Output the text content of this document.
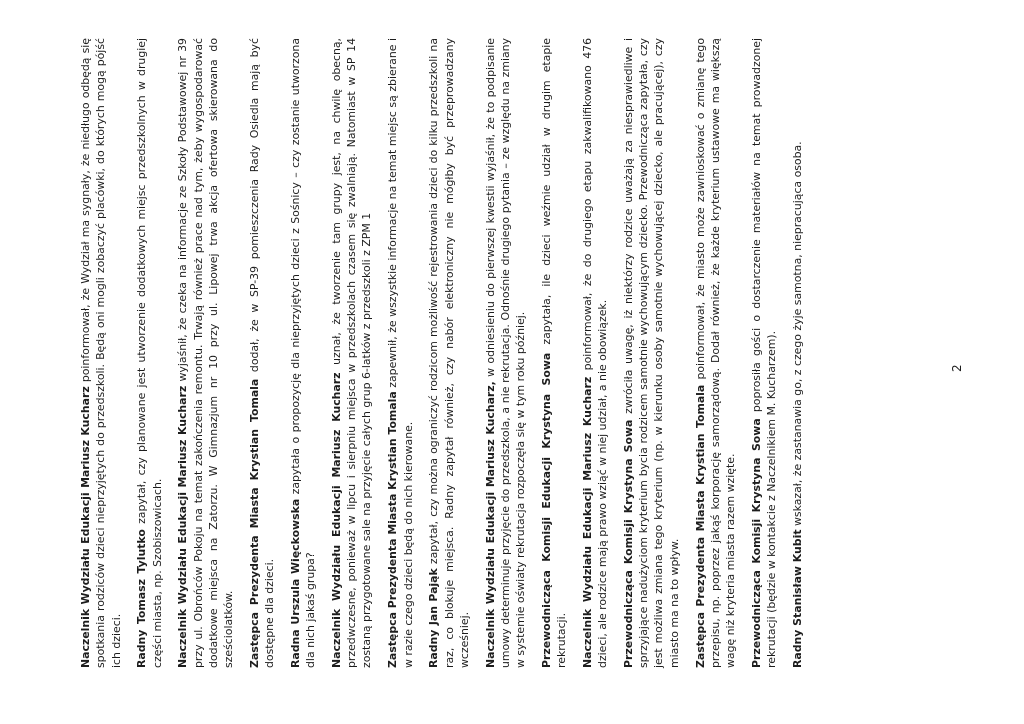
Naczelnik Wydziału Edukacji Mariusz Kucharz poinformował, że Wydział ma sygnały, że niedługo odbędą się spotkania rodziców dzieci nieprzyjętych do przedszkoli. Będą oni mogli zobaczyć placówki, do których mogą pójść ich dzieci. Radny Tomasz Tylutko zapytał, czy planowane jest utworzenie dodatkowych miejsc przedszkolnych w drugiej części miasta, np. Szobiszowicach. Naczelnik Wydziału Edukacji Mariusz Kucharz wyjaśnił, że czeka na informacje ze Szkoły Podstawowej nr 39 przy ul. Obrońców Pokoju na temat zakończenia remontu. Trwają również prace nad tym, żeby wygospodarować dodatkowe miejsca na Zatorzu. W Gimnazjum nr 10 przy ul. Lipowej trwa akcja ofertowa skierowana do sześciolatków. Zastępca Prezydenta Miasta Krystian Tomala dodał, że w SP-39 pomieszczenia Rady Osiedla mają być dostępne dla dzieci. Radna Urszula Więckowska zapytała o propozycję dla nieprzyjętych dzieci z Sośnicy – czy zostanie utworzona dla nich jakaś grupa? Naczelnik Wydziału Edukacji Mariusz Kucharz uznał, że tworzenie tam grupy jest, na chwilę obecną, przedwczesne, ponieważ w lipcu i sierpniu miejsca w przedszkolach czasem się zwalniają. Natomiast w SP 14 zostaną przygotowane sale na przyjęcie całych grup 6-latków z przedszkoli z ZPM 1 Zastępca Prezydenta Miasta Krystian Tomala zapewnił, że wszystkie informacje na temat miejsc są zbierane i w razie czego dzieci będą do nich kierowane. Radny Jan Pająk zapytał, czy można ograniczyć rodzicom możliwość rejestrowania dzieci do kilku przedszkoli na raz, co blokuje miejsca. Radny zapytał również, czy nabór elektroniczny nie mógłby być przeprowadzany wcześniej. Naczelnik Wydziału Edukacji Mariusz Kucharz, w odniesieniu do pierwszej kwestii wyjaśnił, że to podpisanie umowy determinuje przyjęcie do przedszkola, a nie rekrutacja. Odnośnie drugiego pytania – ze względu na zmiany w systemie oświaty rekrutacja rozpoczęła się w tym roku później. Przewodnicząca Komisji Edukacji Krystyna Sowa zapytała, ile dzieci weźmie udział w drugim etapie rekrutacji. Naczelnik Wydziału Edukacji Mariusz Kucharz poinformował, że do drugiego etapu zakwalifikowano 476 dzieci, ale rodzice mają prawo wziąć w niej udział, a nie obowiązek. Przewodnicząca Komisji Krystyna Sowa zwróciła uwagę, iż niektórzy rodzice uważają za niesprawiedliwe i sprzyjające nadużyciom kryterium bycia rodzicem samotnie wychowującym dziecko. Przewodnicząca zapytała, czy jest możliwa zmiana tego kryterium (np. w kierunku osoby samotnie wychowującej dziecko, ale pracującej), czy miasto ma na to wpływ. Zastępca Prezydenta Miasta Krystian Tomala poinformował, że miasto może zawnioskować o zmianę tego przepisu, np. poprzez jakąś korporację samorządową. Dodał również, że każde kryterium ustawowe ma większą wagę niż kryteria miasta razem wzięte. Przewodnicząca Komisji Krystyna Sowa poprosiła gości o dostarczenie materiałów na temat prowadzonej rekrutacji (będzie w kontakcie z Naczelnikiem M. Kucharzem). Radny Stanisław Kubit wskazał, że zastanawia go, z czego żyje samotna, niepracująca osoba.	2
